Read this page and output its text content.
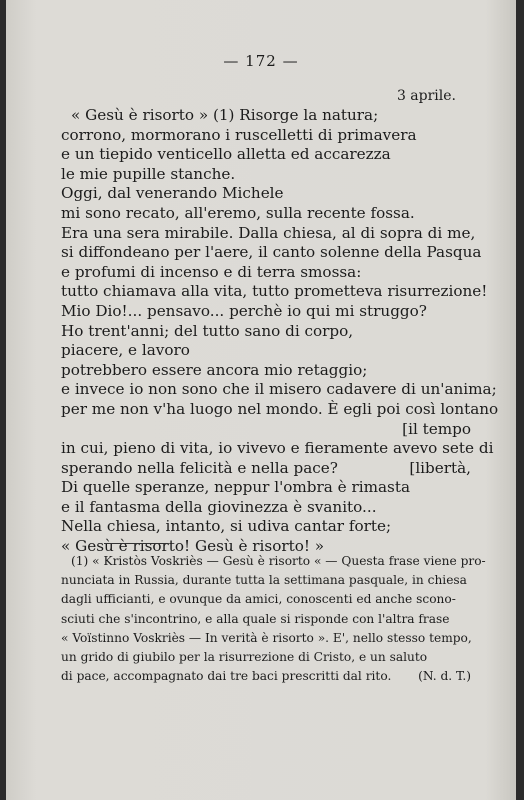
— 172 —
3 aprile.
« Gesù è risorto » (1) Risorge la natura;
corrono, mormorano i ruscelletti di primavera
e un tiepido venticello alletta ed accarezza
le mie pupille stanche.
Oggi, dal venerando Michele
mi sono recato, all'eremo, sulla recente fossa.
Era una sera mirabile. Dalla chiesa, al di sopra di me,
si diffondeano per l'aere, il canto solenne della Pasqua
e profumi di incenso e di terra smossa:
tutto chiamava alla vita, tutto prometteva risurrezione!
Mio Dio!... pensavo... perchè io qui mi struggo?
Ho trent'anni; del tutto sano di corpo,
piacere, e lavoro
potrebbero essere ancora mio retaggio;
e invece io non sono che il misero cadavere di un'anima;
per me non v'ha luogo nel mondo. È egli poi così lontano
[il tempo
in cui, pieno di vita, io vivevo e fieramente avevo sete di
sperando nella felicità e nella pace?	[libertà,
Di quelle speranze, neppur l'ombra è rimasta
e il fantasma della giovinezza è svanito...
Nella chiesa, intanto, si udiva cantar forte;
« Gesù è risorto! Gesù è risorto! »
(1) « Kristòs Voskriès — Gesù è risorto « — Questa frase viene pro-
nunciata in Russia, durante tutta la settimana pasquale, in chiesa
dagli ufficianti, e ovunque da amici, conoscenti ed anche scono-
sciuti che s'incontrino, e alla quale si risponde con l'altra frase
« Voïstinno Voskriès — In verità è risorto ». E', nello stesso tempo,
un grido di giubilo per la risurrezione di Cristo, e un saluto
di pace, accompagnato dai tre baci prescritti dal rito. (N. d. T.)
